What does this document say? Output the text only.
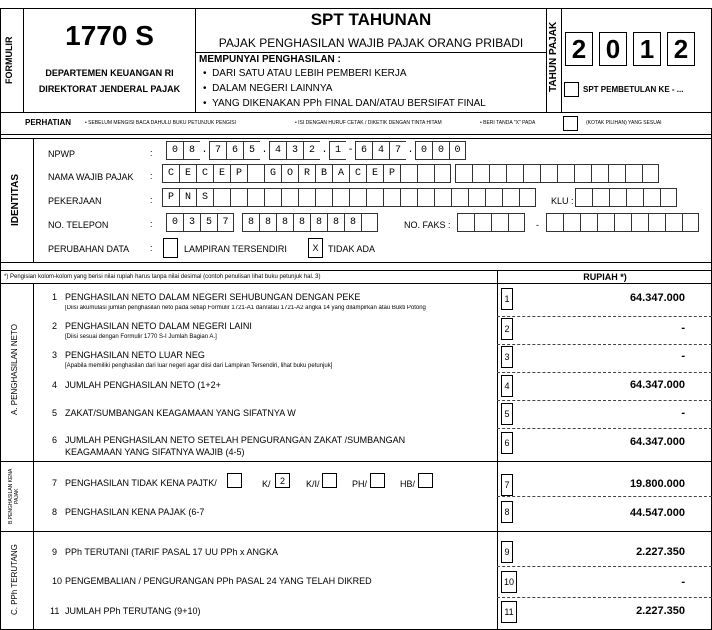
FORMULIR
1770 S
DEPARTEMEN KEUANGAN RI
DIREKTORAT JENDERAL PAJAK
SPT TAHUNAN
PAJAK PENGHASILAN WAJIB PAJAK ORANG PRIBADI
MEMPUNYAI PENGHASILAN :
•  DARI SATU ATAU LEBIH PEMBERI KERJA
•  DALAM NEGERI LAINNYA
•  YANG DIKENAKAN PPh FINAL DAN/ATAU BERSIFAT FINAL
TAHUN PAJAK 2 0 1 2
SPT PEMBETULAN KE - ...
PERHATIAN	• SEBELUM MENGISI BACA DAHULU BUKU PETUNJUK PENGISI	• ISI DENGAN HURUF CETAK / DIKETIK DENGAN TINTA HITAM	• BERI TANDA "X" PADA	(KOTAK PILIHAN) YANG SESUAI
IDENTITAS
NPWP	:	0	8 . 7	6	5 . 4	3	2 . 1 - 6	4	7 . 0	0	0
NAMA WAJIB PAJAK :	C	E	C	E	P	G	O	R	B	A	C	E	P
PEKERJAAN	:	P	N	S	KLU :
NO. TELEPON	:	0	3	5	7	8	8	8	8	8	8	8	NO. FAKS :	-
PERUBAHAN DATA :	LAMPIRAN TERSENDIRI	X	TIDAK ADA
*) Pengisian kolom-kolom yang berisi nilai rupiah harus tanpa nilai desimal (contoh penulisan lihat buku petunjuk hal. 3)	RUPIAH *)
A. PENGHASILAN NETO
B.PENGHASILAN KENA PAJAK
C. PPh TERUTANG
1 PENGHASILAN NETO DALAM NEGERI SEHUBUNGAN DENGAN PEKE
[Diisi akumulasi jumlah penghasilan neto pada setiap Formulir 1721-A1 dan/atau 1721-A2 angka 14 yang dilampirkan atau Bukti Potong
1	64.347.000
2 PENGHASILAN NETO DALAM NEGERI LAINI
[Diisi sesuai dengan Formulir 1770 S-I Jumlah Bagian A.]
2	-
3 PENGHASILAN NETO LUAR NEG
[Apabila memiliki penghasilan dari luar negeri agar diisi dari Lampiran Tersendiri, lihat buku petunjuk]
3	-
4 JUMLAH PENGHASILAN NETO (1+2+	4	64.347.000
5 ZAKAT/SUMBANGAN KEAGAMAAN YANG SIFATNYA W	5	-
6 JUMLAH PENGHASILAN NETO SETELAH PENGURANGAN ZAKAT /SUMBANGAN
KEAGAMAAN YANG SIFATNYA WAJIB (4-5)
6	64.347.000
7 PENGHASILAN TIDAK KENA PAJTK/	K/	2	K/I/	PH/	HB/	7	19.800.000
8 PENGHASILAN KENA PAJAK (6-7	8	44.547.000
9 PPh TERUTANI (TARIF PASAL 17 UU PPh x ANGKA	9	2.227.350
10 PENGEMBALIAN / PENGURANGAN PPh PASAL 24 YANG TELAH DIKRED	10	-
11 JUMLAH PPh TERUTANG (9+10)	11	2.227.350
